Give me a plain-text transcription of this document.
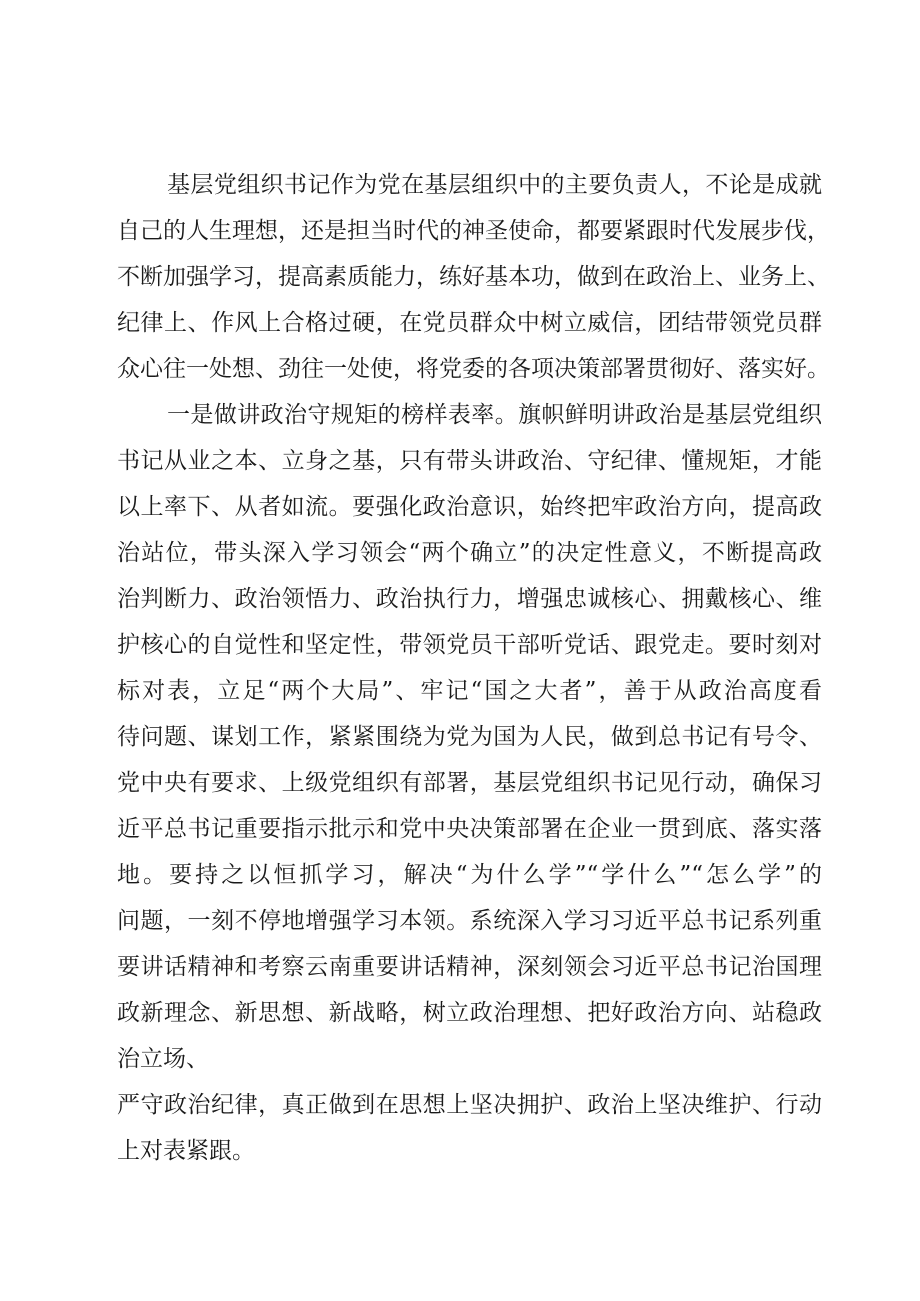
基层党组织书记作为党在基层组织中的主要负责人，不论是成就
自己的人生理想，还是担当时代的神圣使命，都要紧跟时代发展步伐，
不断加强学习，提高素质能力，练好基本功，做到在政治上、业务上、
纪律上、作风上合格过硬，在党员群众中树立威信，团结带领党员群
众心往一处想、劲往一处使，将党委的各项决策部署贯彻好、落实好。
一是做讲政治守规矩的榜样表率。旗帜鲜明讲政治是基层党组织
书记从业之本、立身之基，只有带头讲政治、守纪律、懂规矩，才能
以上率下、从者如流。要强化政治意识，始终把牢政治方向，提高政
治站位，带头深入学习领会“两个确立”的决定性意义，不断提高政
治判断力、政治领悟力、政治执行力，增强忠诚核心、拥戴核心、维
护核心的自觉性和坚定性，带领党员干部听党话、跟党走。要时刻对
标对表，立足“两个大局”、牢记“国之大者”，善于从政治高度看
待问题、谋划工作，紧紧围绕为党为国为人民，做到总书记有号令、
党中央有要求、上级党组织有部署，基层党组织书记见行动，确保习
近平总书记重要指示批示和党中央决策部署在企业一贯到底、落实落
地。要持之以恒抓学习，解决“为什么学”“学什么”“怎么学”的
问题，一刻不停地增强学习本领。系统深入学习习近平总书记系列重
要讲话精神和考察云南重要讲话精神，深刻领会习近平总书记治国理
政新理念、新思想、新战略，树立政治理想、把好政治方向、站稳政
治立场、
严守政治纪律，真正做到在思想上坚决拥护、政治上坚决维护、行动
上对表紧跟。
